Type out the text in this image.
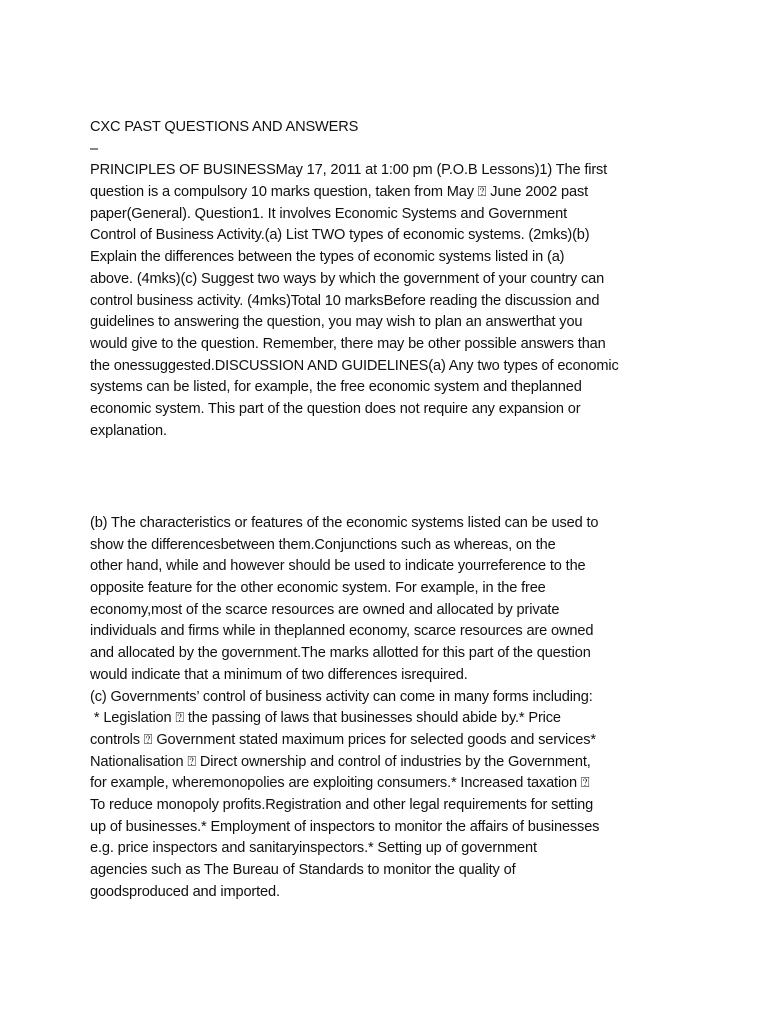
CXC PAST QUESTIONS AND ANSWERS
–
PRINCIPLES OF BUSINESSMay 17, 2011 at 1:00 pm (P.O.B Lessons)1) The first
question is a compulsory 10 marks question, taken from May ⍰ June 2002 past
paper(General). Question1. It involves Economic Systems and Government
Control of Business Activity.(a) List TWO types of economic systems. (2mks)(b)
Explain the differences between the types of economic systems listed in (a)
above. (4mks)(c) Suggest two ways by which the government of your country can
control business activity. (4mks)Total 10 marksBefore reading the discussion and
guidelines to answering the question, you may wish to plan an answerthat you
would give to the question. Remember, there may be other possible answers than
the onessuggested.DISCUSSION AND GUIDELINES(a) Any two types of economic
systems can be listed, for example, the free economic system and theplanned
economic system. This part of the question does not require any expansion or
explanation.
(b) The characteristics or features of the economic systems listed can be used to
show the differencesbetween them.Conjunctions such as whereas, on the
other hand, while and however should be used to indicate yourreference to the
opposite feature for the other economic system. For example, in the free
economy,most of the scarce resources are owned and allocated by private
individuals and firms while in theplanned economy, scarce resources are owned
and allocated by the government.The marks allotted for this part of the question
would indicate that a minimum of two differences isrequired.
(c) Governments’ control of business activity can come in many forms including:
* Legislation ⍰ the passing of laws that businesses should abide by.* Price
controls ⍰ Government stated maximum prices for selected goods and services*
Nationalisation ⍰ Direct ownership and control of industries by the Government,
for example, wheremonopolies are exploiting consumers.* Increased taxation ⍰
To reduce monopoly profits.Registration and other legal requirements for setting
up of businesses.* Employment of inspectors to monitor the affairs of businesses
e.g. price inspectors and sanitaryinspectors.* Setting up of government
agencies such as The Bureau of Standards to monitor the quality of
goodsproduced and imported.
